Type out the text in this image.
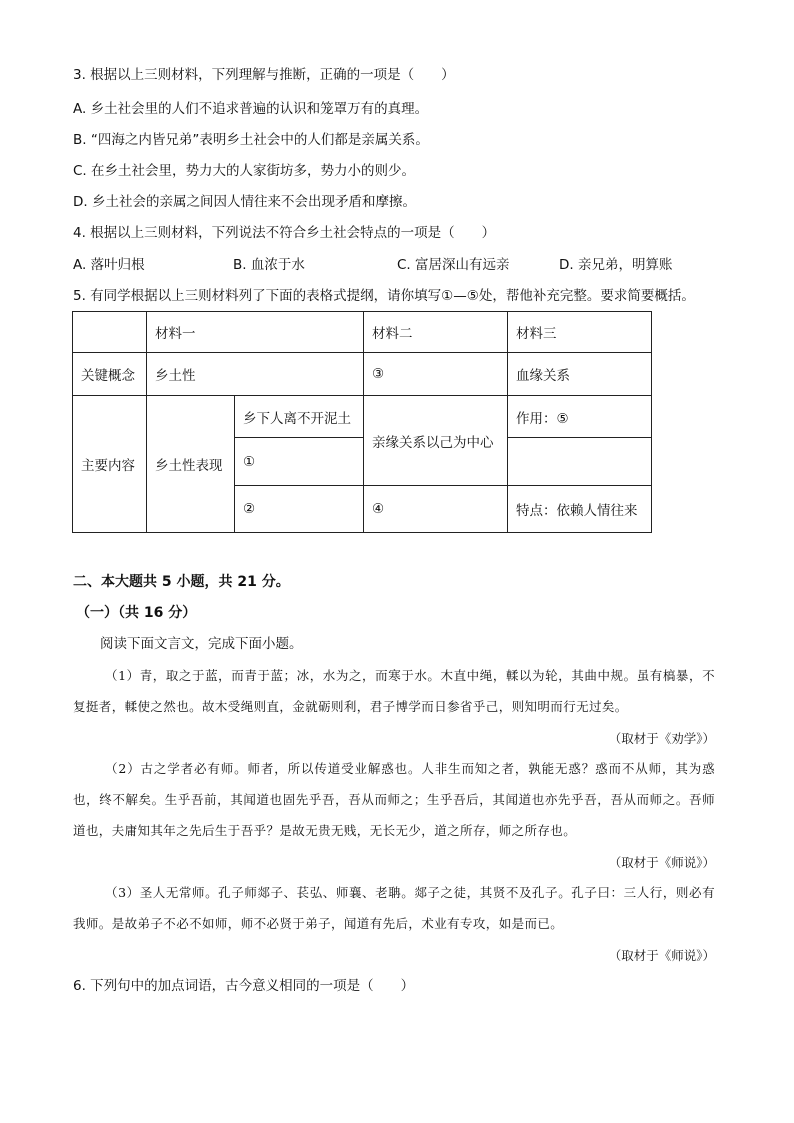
3. 根据以上三则材料，下列理解与推断，正确的一项是（　　）
A. 乡土社会里的人们不追求普遍的认识和笼罩万有的真理。
B. “四海之内皆兄弟”表明乡土社会中的人们都是亲属关系。
C. 在乡土社会里，势力大的人家街坊多，势力小的则少。
D. 乡土社会的亲属之间因人情往来不会出现矛盾和摩擦。
4. 根据以上三则材料，下列说法不符合乡土社会特点的一项是（　　）
A. 落叶归根	B. 血浓于水	C. 富居深山有远亲	D. 亲兄弟，明算账
5. 有同学根据以上三则材料列了下面的表格式提纲，请你填写①—⑤处，帮他补充完整。要求简要概括。
	材料一		材料二	材料三
关键概念	乡土性		③	血缘关系
主要内容	乡土性表现	乡下人离不开泥土	亲缘关系以己为中心	作用：⑤
		①		
		②	④	特点：依赖人情往来
二、本大题共 5 小题，共 21 分。
（一）（共 16 分）
阅读下面文言文，完成下面小题。
（1）青，取之于蓝，而青于蓝；冰，水为之，而寒于水。木直中绳，輮以为轮，其曲中规。虽有槁暴，不复挺者，輮使之然也。故木受绳则直，金就砺则利，君子博学而日参省乎己，则知明而行无过矣。
（取材于《劝学》）
（2）古之学者必有师。师者，所以传道受业解惑也。人非生而知之者，孰能无惑？惑而不从师，其为惑也，终不解矣。生乎吾前，其闻道也固先乎吾，吾从而师之；生乎吾后，其闻道也亦先乎吾，吾从而师之。吾师道也，夫庸知其年之先后生于吾乎？是故无贵无贱，无长无少，道之所存，师之所存也。
（取材于《师说》）
（3）圣人无常师。孔子师郯子、苌弘、师襄、老聃。郯子之徒，其贤不及孔子。孔子曰：三人行，则必有我师。是故弟子不必不如师，师不必贤于弟子，闻道有先后，术业有专攻，如是而已。
（取材于《师说》）
6. 下列句中的加点词语，古今意义相同的一项是（　　）
